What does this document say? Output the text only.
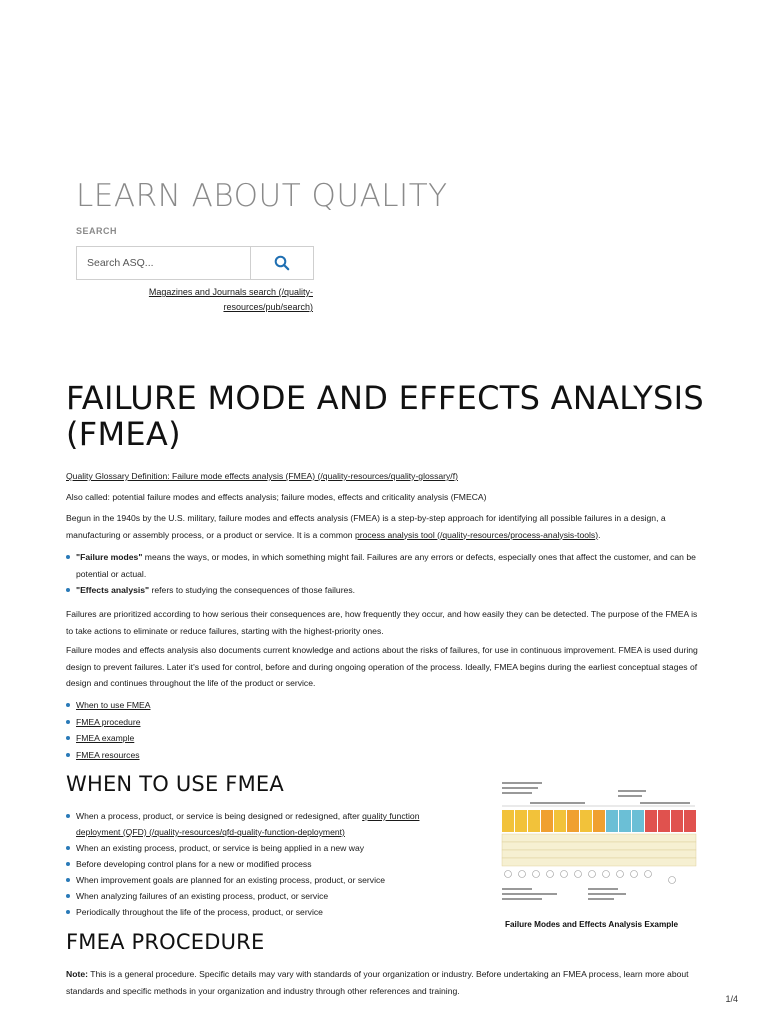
LEARN ABOUT QUALITY
SEARCH
Search ASQ...
Magazines and Journals search (/quality-
resources/pub/search)
FAILURE MODE AND EFFECTS ANALYSIS (FMEA)
Quality Glossary Definition: Failure mode effects analysis (FMEA) (/quality-resources/quality-glossary/f)

Also called: potential failure modes and effects analysis; failure modes, effects and criticality analysis (FMECA)

Begun in the 1940s by the U.S. military, failure modes and effects analysis (FMEA) is a step-by-step approach for identifying all possible failures in a design, a manufacturing or assembly process, or a product or service. It is a common process analysis tool (/quality-resources/process-analysis-tools).

"Failure modes" means the ways, or modes, in which something might fail. Failures are any errors or defects, especially ones that affect the customer, and can be potential or actual.
"Effects analysis" refers to studying the consequences of those failures.

Failures are prioritized according to how serious their consequences are, how frequently they occur, and how easily they can be detected. The purpose of the FMEA is to take actions to eliminate or reduce failures, starting with the highest-priority ones.

Failure modes and effects analysis also documents current knowledge and actions about the risks of failures, for use in continuous improvement. FMEA is used during design to prevent failures. Later it's used for control, before and during ongoing operation of the process. Ideally, FMEA begins during the earliest conceptual stages of design and continues throughout the life of the product or service.

When to use FMEA
FMEA procedure
FMEA example
FMEA resources
WHEN TO USE FMEA
When a process, product, or service is being designed or redesigned, after quality function deployment (QFD) (/quality-resources/qfd-quality-function-deployment)
When an existing process, product, or service is being applied in a new way
Before developing control plans for a new or modified process
When improvement goals are planned for an existing process, product, or service
When analyzing failures of an existing process, product, or service
Periodically throughout the life of the process, product, or service
Failure Modes and Effects Analysis Example
FMEA PROCEDURE

Note: This is a general procedure. Specific details may vary with standards of your organization or industry. Before undertaking an FMEA process, learn more about standards and specific methods in your organization and industry through other references and training.

1/4
